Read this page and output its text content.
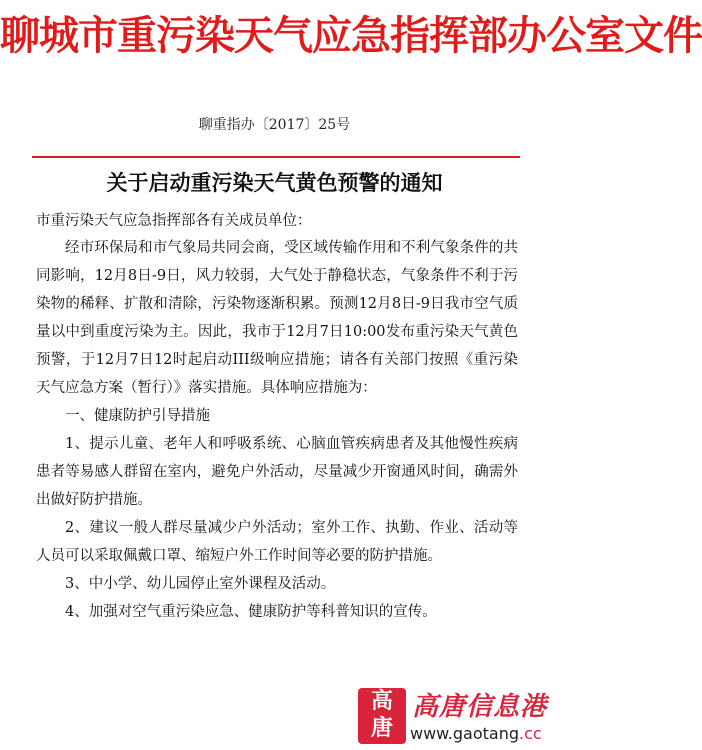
聊城市重污染天气应急指挥部办公室文件
聊重指办〔2017〕25号
关于启动重污染天气黄色预警的通知
市重污染天气应急指挥部各有关成员单位：

经市环保局和市气象局共同会商，受区域传输作用和不利气象条件的共同影响，12月8日-9日，风力较弱，大气处于静稳状态，气象条件不利于污染物的稀释、扩散和清除，污染物逐渐积累。预测12月8日-9日我市空气质量以中到重度污染为主。因此，我市于12月7日10:00发布重污染天气黄色预警，于12月7日12时起启动III级响应措施；请各有关部门按照《重污染天气应急方案（暂行）》落实措施。具体响应措施为：

一、健康防护引导措施

1、提示儿童、老年人和呼吸系统、心脑血管疾病患者及其他慢性疾病患者等易感人群留在室内，避免户外活动，尽量减少开窗通风时间，确需外出做好防护措施。

2、建议一般人群尽量减少户外活动；室外工作、执勤、作业、活动等人员可以采取佩戴口罩、缩短户外工作时间等必要的防护措施。

3、中小学、幼儿园停止室外课程及活动。

4、加强对空气重污染应急、健康防护等科普知识的宣传。

高
唐
高唐信息港
www.gaotang.cc
